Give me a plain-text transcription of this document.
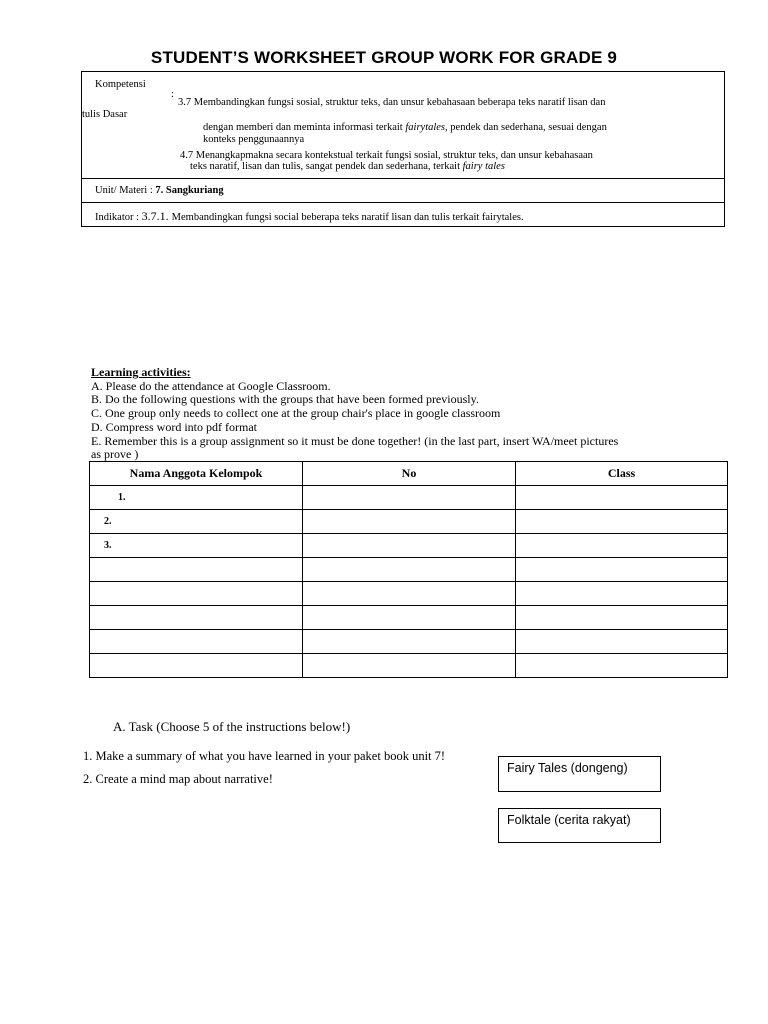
STUDENT’S WORKSHEET GROUP WORK FOR GRADE 9
Kompetensi
:
3.7 Membandingkan fungsi sosial, struktur teks, dan unsur kebahasaan beberapa teks naratif lisan dan
tulis Dasar
dengan memberi dan meminta informasi terkait fairytales, pendek dan sederhana, sesuai dengan
konteks penggunaannya
4.7 Menangkapmakna secara kontekstual terkait fungsi sosial, struktur teks, dan unsur kebahasaan
teks naratif, lisan dan tulis, sangat pendek dan sederhana, terkait fairy tales
Unit/ Materi : 7. Sangkuriang
Indikator : 3.7.1. Membandingkan fungsi social beberapa teks naratif lisan dan tulis terkait fairytales.
Learning activities:
A. Please do the attendance at Google Classroom.
B. Do the following questions with the groups that have been formed previously.
C. One group only needs to collect one at the group chair's place in google classroom
D. Compress word into pdf format
E. Remember this is a group assignment so it must be done together! (in the last part, insert WA/meet pictures
as prove )
Nama Anggota Kelompok	No	Class
1.		
2.		
3.		

A. Task (Choose 5 of the instructions below!)
1. Make a summary of what you have learned in your paket book unit 7!
2. Create a mind map about narrative!
Fairy Tales (dongeng)
Folktale (cerita rakyat)
